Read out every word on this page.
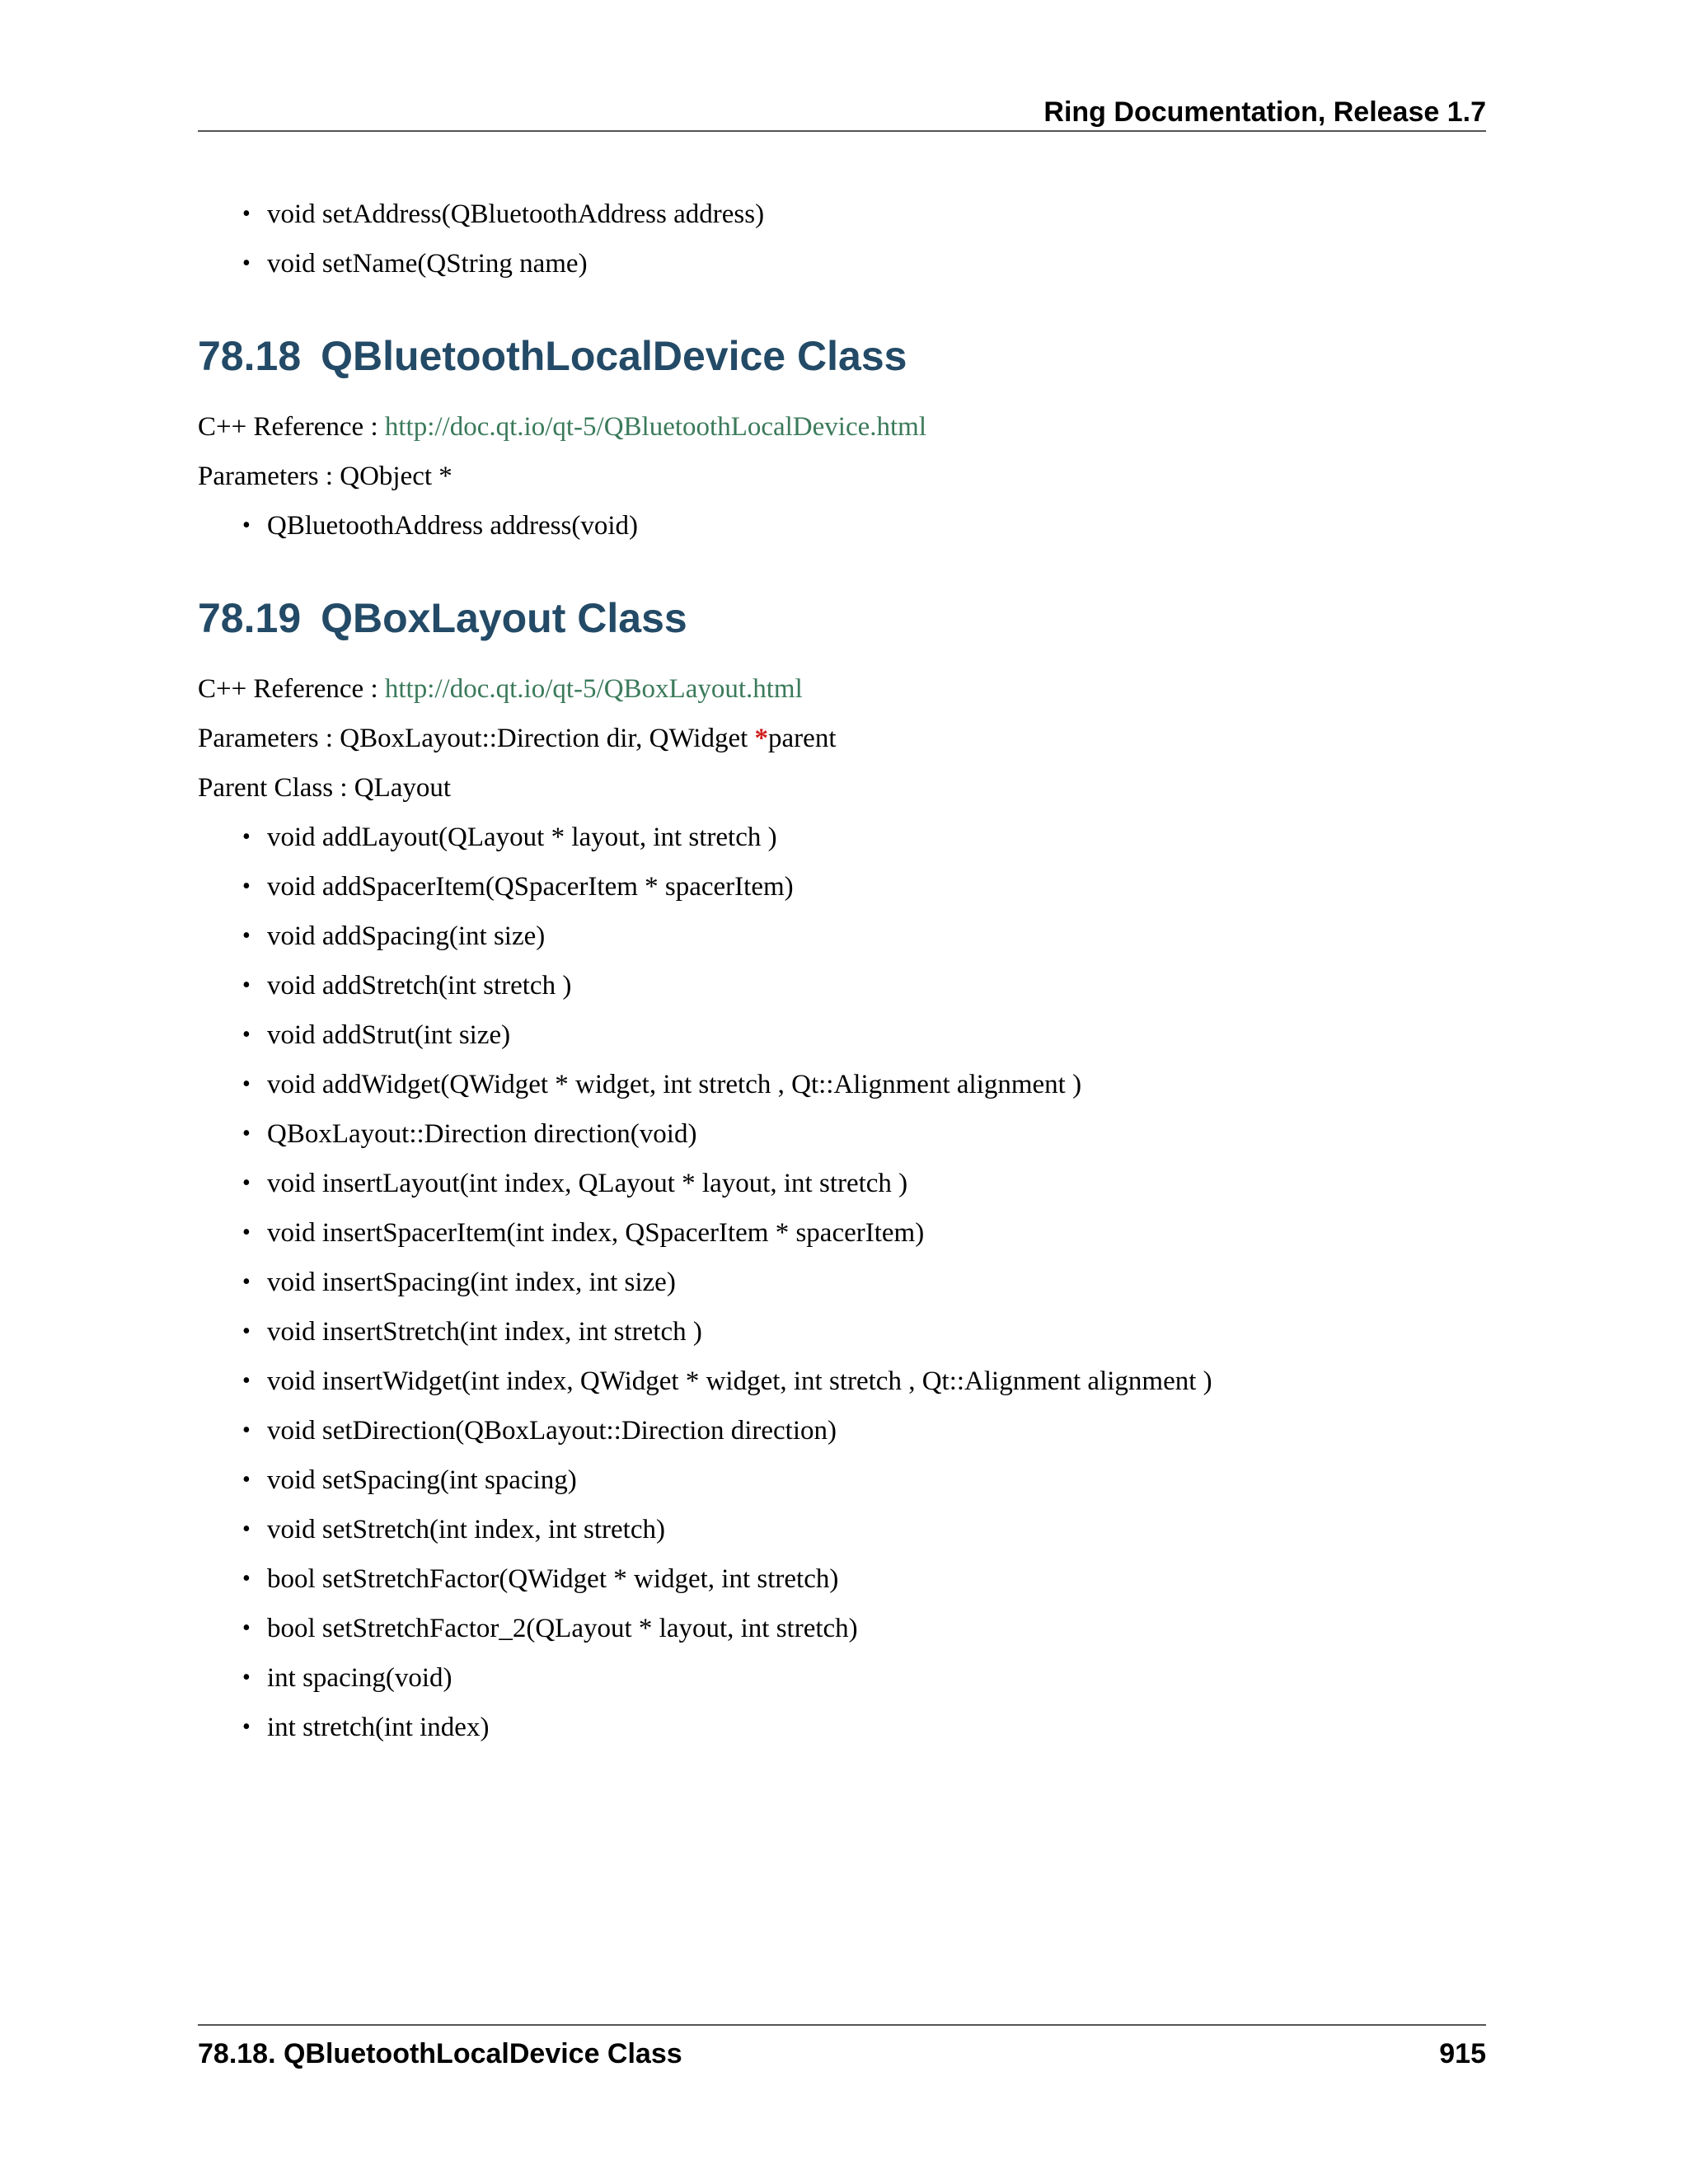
Ring Documentation, Release 1.7
• void setAddress(QBluetoothAddress address)
• void setName(QString name)
78.18 QBluetoothLocalDevice Class

C++ Reference : http://doc.qt.io/qt-5/QBluetoothLocalDevice.html

Parameters : QObject *

• QBluetoothAddress address(void)
78.19 QBoxLayout Class

C++ Reference : http://doc.qt.io/qt-5/QBoxLayout.html

Parameters : QBoxLayout::Direction dir, QWidget *parent

Parent Class : QLayout

• void addLayout(QLayout * layout, int stretch )
• void addSpacerItem(QSpacerItem * spacerItem)
• void addSpacing(int size)
• void addStretch(int stretch )
• void addStrut(int size)
• void addWidget(QWidget * widget, int stretch , Qt::Alignment alignment )
• QBoxLayout::Direction direction(void)
• void insertLayout(int index, QLayout * layout, int stretch )
• void insertSpacerItem(int index, QSpacerItem * spacerItem)
• void insertSpacing(int index, int size)
• void insertStretch(int index, int stretch )
• void insertWidget(int index, QWidget * widget, int stretch , Qt::Alignment alignment )
• void setDirection(QBoxLayout::Direction direction)
• void setSpacing(int spacing)
• void setStretch(int index, int stretch)
• bool setStretchFactor(QWidget * widget, int stretch)
• bool setStretchFactor_2(QLayout * layout, int stretch)
• int spacing(void)
• int stretch(int index)
78.18. QBluetoothLocalDevice Class	915
